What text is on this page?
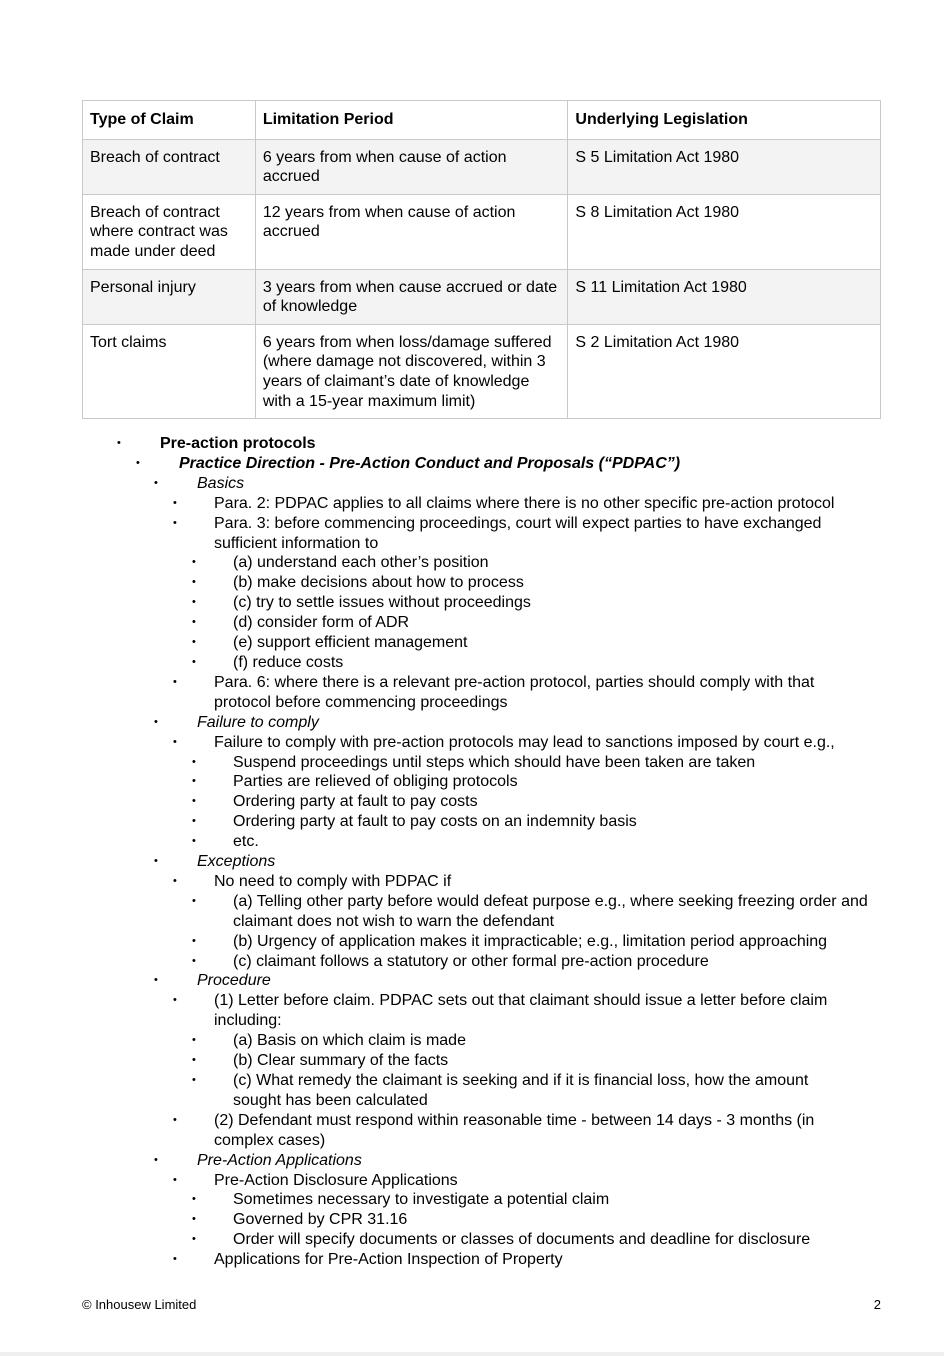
Type of Claim	Limitation Period	Underlying Legislation
Breach of contract	6 years from when cause of action accrued	S 5 Limitation Act 1980
Breach of contract where contract was made under deed	12 years from when cause of action accrued	S 8 Limitation Act 1980
Personal injury	3 years from when cause accrued or date of knowledge	S 11 Limitation Act 1980
Tort claims	6 years from when loss/damage suffered (where damage not discovered, within 3 years of claimant’s date of knowledge with a 15-year maximum limit)	S 2 Limitation Act 1980
• Pre-action protocols
• Practice Direction - Pre-Action Conduct and Proposals (“PDPAC”)
• Basics
• Para. 2: PDPAC applies to all claims where there is no other specific pre-action protocol
• Para. 3: before commencing proceedings, court will expect parties to have exchanged sufficient information to
• (a) understand each other’s position
• (b) make decisions about how to process
• (c) try to settle issues without proceedings
• (d) consider form of ADR
• (e) support efficient management
• (f) reduce costs
• Para. 6: where there is a relevant pre-action protocol, parties should comply with that protocol before commencing proceedings
• Failure to comply
• Failure to comply with pre-action protocols may lead to sanctions imposed by court e.g.,
• Suspend proceedings until steps which should have been taken are taken
• Parties are relieved of obliging protocols
• Ordering party at fault to pay costs
• Ordering party at fault to pay costs on an indemnity basis
• etc.
• Exceptions
• No need to comply with PDPAC if
• (a) Telling other party before would defeat purpose e.g., where seeking freezing order and claimant does not wish to warn the defendant
• (b) Urgency of application makes it impracticable; e.g., limitation period approaching
• (c) claimant follows a statutory or other formal pre-action procedure
• Procedure
• (1) Letter before claim. PDPAC sets out that claimant should issue a letter before claim including:
• (a) Basis on which claim is made
• (b) Clear summary of the facts
• (c) What remedy the claimant is seeking and if it is financial loss, how the amount sought has been calculated
• (2) Defendant must respond within reasonable time - between 14 days - 3 months (in complex cases)
• Pre-Action Applications
• Pre-Action Disclosure Applications
• Sometimes necessary to investigate a potential claim
• Governed by CPR 31.16
• Order will specify documents or classes of documents and deadline for disclosure
• Applications for Pre-Action Inspection of Property
© Inhousew Limited	2
